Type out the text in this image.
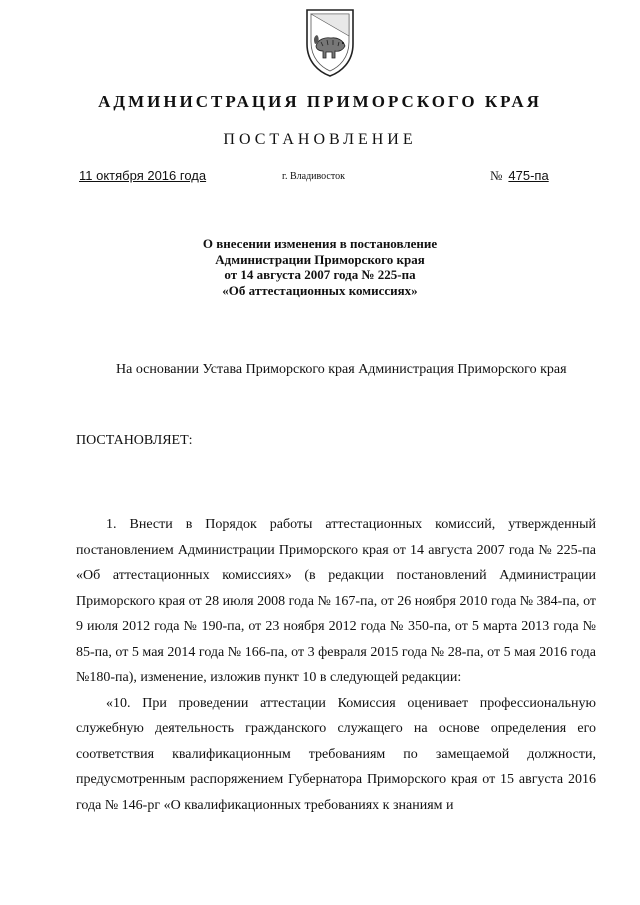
АДМИНИСТРАЦИЯ ПРИМОРСКОГО КРАЯ
ПОСТАНОВЛЕНИЕ
11 октября 2016 года	г. Владивосток	№ 475-па
О внесении изменения в постановление
Администрации Приморского края
от 14 августа 2007 года № 225-па
«Об аттестационных комиссиях»
На основании Устава Приморского края Администрация Приморского края
ПОСТАНОВЛЯЕТ:

1. Внести в Порядок работы аттестационных комиссий, утвержденный постановлением Администрации Приморского края от 14 августа 2007 года № 225-па «Об аттестационных комиссиях» (в редакции постановлений Администрации Приморского края от 28 июля 2008 года № 167-па, от 26 ноября 2010 года № 384-па, от 9 июля 2012 года № 190-па, от 23 ноября 2012 года № 350-па, от 5 марта 2013 года № 85-па, от 5 мая 2014 года № 166-па, от 3 февраля 2015 года № 28-па, от 5 мая 2016 года №180-па), изменение, изложив пункт 10 в следующей редакции:

«10. При проведении аттестации Комиссия оценивает профессиональную служебную деятельность гражданского служащего на основе определения его соответствия квалификационным требованиям по замещаемой должности, предусмотренным распоряжением Губернатора Приморского края от 15 августа 2016 года № 146-рг «О квалификационных требованиях к знаниям и
